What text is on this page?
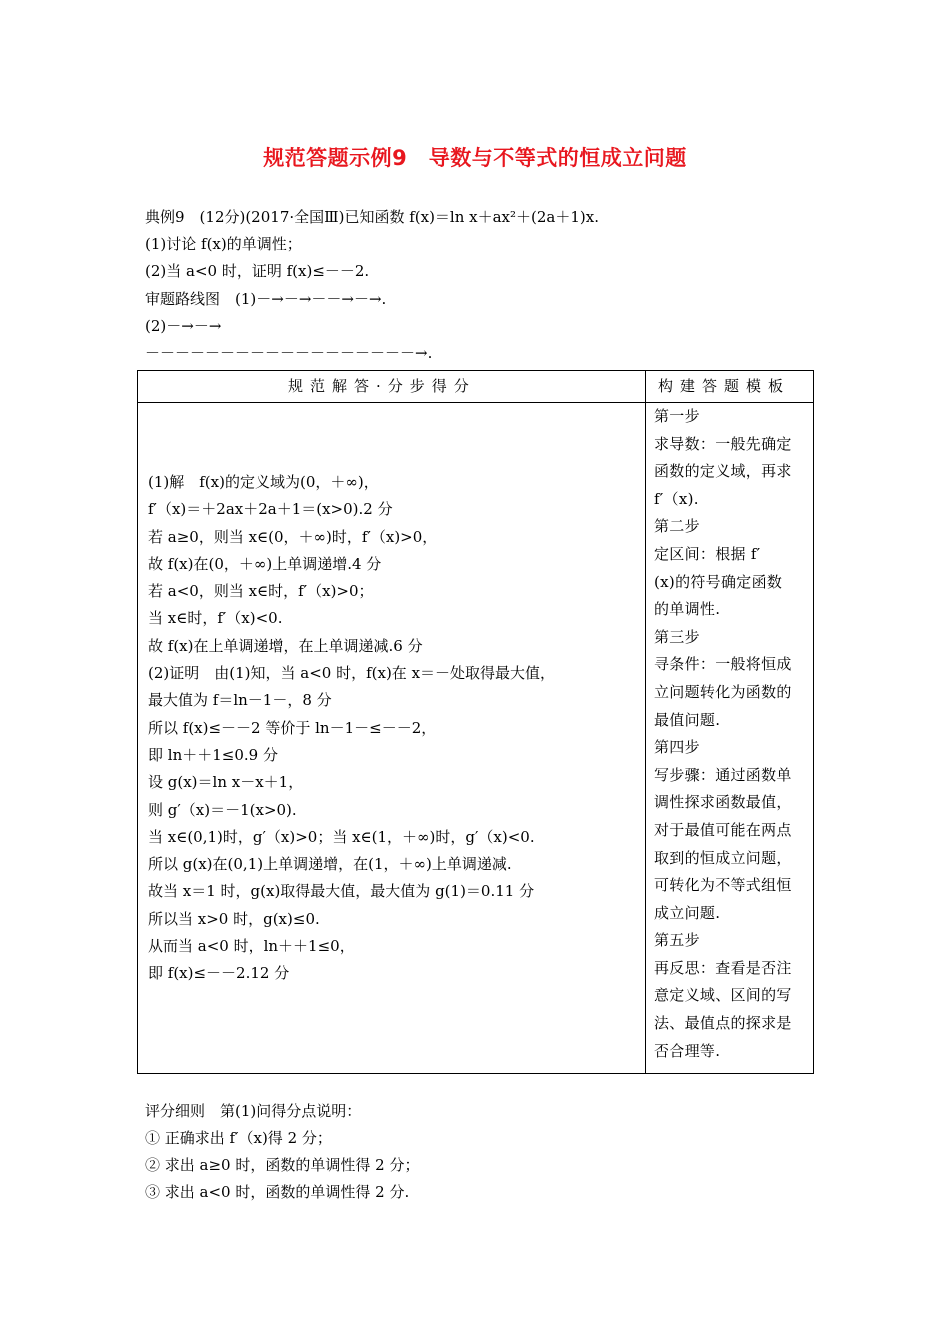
规范答题示例9　导数与不等式的恒成立问题
典例9　(12分)(2017·全国Ⅲ)已知函数 f(x)＝ln x＋ax²＋(2a＋1)x.
(1)讨论 f(x)的单调性；
(2)当 a<0 时，证明 f(x)≤－－2.
审题路线图　(1)－→－→－－→－→.
(2)－→－→
－－－－－－－－－－－－－－－－－－→.
规范解答·分步得分	构建答题模板
(1)解　f(x)的定义域为(0，＋∞)，
f′（x)＝＋2ax＋2a＋1＝(x>0).2 分
若 a≥0，则当 x∈(0，＋∞)时，f′（x)>0，
故 f(x)在(0，＋∞)上单调递增.4 分
若 a<0，则当 x∈时，f′（x)>0；
当 x∈时，f′（x)<0.
故 f(x)在上单调递增，在上单调递减.6 分
(2)证明　由(1)知，当 a<0 时，f(x)在 x＝－处取得最大值，
最大值为 f＝ln－1－，8 分
所以 f(x)≤－－2 等价于 ln－1－≤－－2，
即 ln＋＋1≤0.9 分
设 g(x)＝ln x－x＋1，
则 g′（x)＝－1(x>0).
当 x∈(0,1)时，g′（x)>0；当 x∈(1，＋∞)时，g′（x)<0.
所以 g(x)在(0,1)上单调递增，在(1，＋∞)上单调递减.
故当 x＝1 时，g(x)取得最大值，最大值为 g(1)＝0.11 分
所以当 x>0 时，g(x)≤0.
从而当 a<0 时，ln＋＋1≤0，
即 f(x)≤－－2.12 分
第一步
求导数：一般先确定
函数的定义域，再求
f′（x).
第二步
定区间：根据 f′
(x)的符号确定函数
的单调性.
第三步
寻条件：一般将恒成
立问题转化为函数的
最值问题.
第四步
写步骤：通过函数单
调性探求函数最值，
对于最值可能在两点
取到的恒成立问题，
可转化为不等式组恒
成立问题.
第五步
再反思：查看是否注
意定义域、区间的写
法、最值点的探求是
否合理等.
评分细则　第(1)问得分点说明：
① 正确求出 f′（x)得 2 分；
② 求出 a≥0 时，函数的单调性得 2 分；
③ 求出 a<0 时，函数的单调性得 2 分.
